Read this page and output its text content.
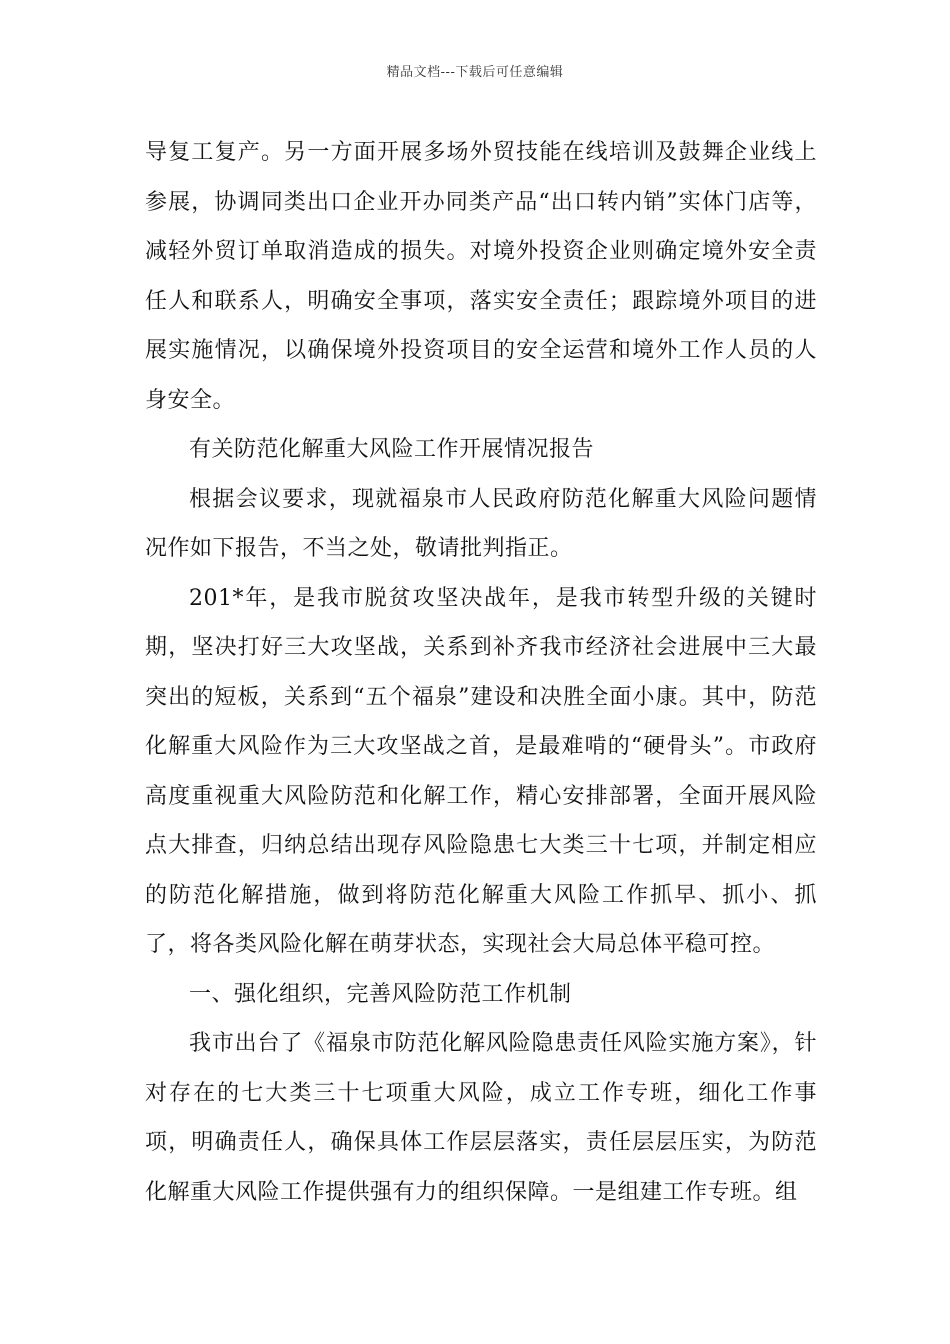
精品文档---下载后可任意编辑

导复工复产。另一方面开展多场外贸技能在线培训及鼓舞企业线上参展，协调同类出口企业开办同类产品“出口转内销”实体门店等，减轻外贸订单取消造成的损失。对境外投资企业则确定境外安全责任人和联系人，明确安全事项，落实安全责任；跟踪境外项目的进展实施情况，以确保境外投资项目的安全运营和境外工作人员的人身安全。

有关防范化解重大风险工作开展情况报告

根据会议要求，现就福泉市人民政府防范化解重大风险问题情况作如下报告，不当之处，敬请批判指正。

201*年，是我市脱贫攻坚决战年，是我市转型升级的关键时期，坚决打好三大攻坚战，关系到补齐我市经济社会进展中三大最突出的短板，关系到“五个福泉”建设和决胜全面小康。其中，防范化解重大风险作为三大攻坚战之首，是最难啃的“硬骨头”。市政府高度重视重大风险防范和化解工作，精心安排部署，全面开展风险点大排查，归纳总结出现存风险隐患七大类三十七项，并制定相应的防范化解措施，做到将防范化解重大风险工作抓早、抓小、抓了，将各类风险化解在萌芽状态，实现社会大局总体平稳可控。

一、强化组织，完善风险防范工作机制

我市出台了《福泉市防范化解风险隐患责任风险实施方案》，针对存在的七大类三十七项重大风险，成立工作专班，细化工作事项，明确责任人，确保具体工作层层落实，责任层层压实，为防范化解重大风险工作提供强有力的组织保障。一是组建工作专班。组
